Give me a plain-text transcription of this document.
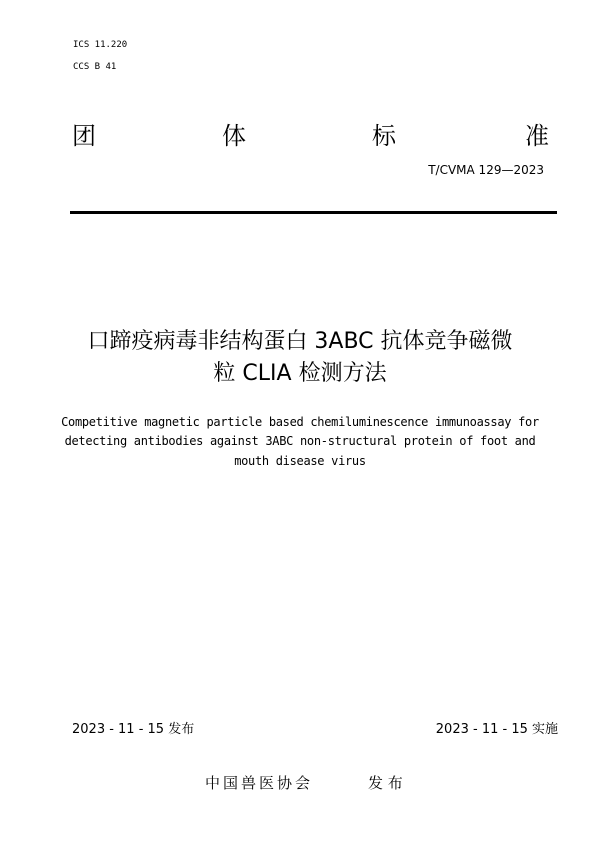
ICS 11.220
CCS B 41
团	体	标	准
T/CVMA 129—2023
口蹄疫病毒非结构蛋白 3ABC 抗体竞争磁微
粒 CLIA 检测方法
Competitive magnetic particle based chemiluminescence immunoassay for
detecting antibodies against 3ABC non-structural protein of foot and
mouth disease virus
2023 - 11 - 15 发布	2023 - 11 - 15 实施
中国兽医协会	发 布
